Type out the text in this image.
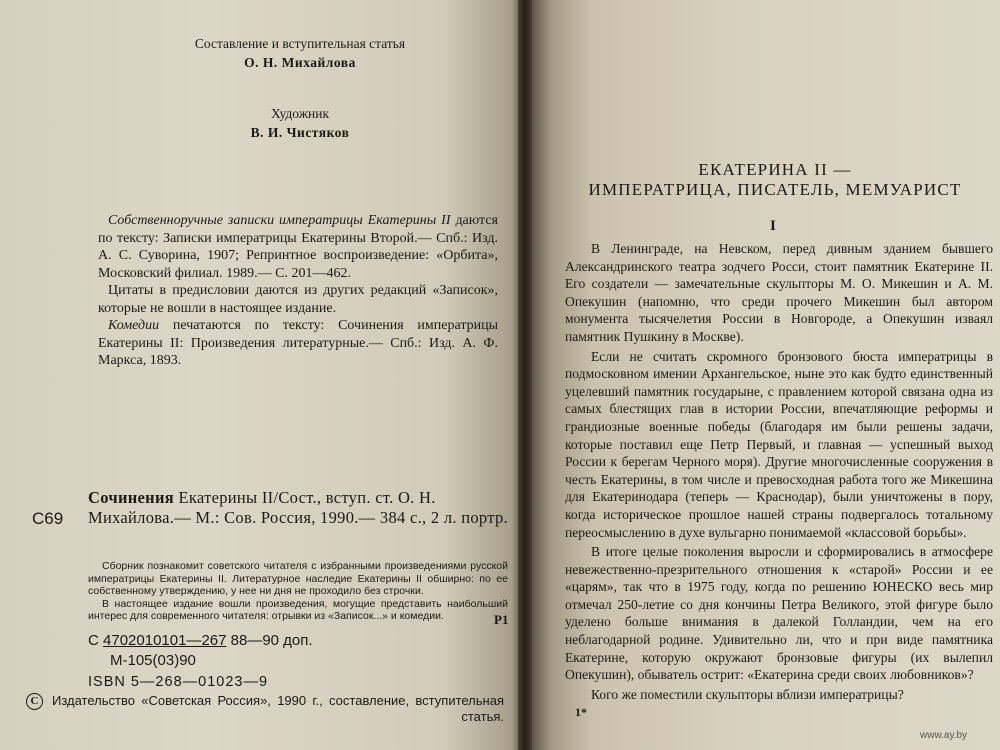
Составление и вступительная статья
О. Н. Михайлова
Художник
В. И. Чистяков

Собственноручные записки императрицы Екатерины II даются по тексту: Записки императрицы Екатерины Второй.— Спб.: Изд. А. С. Суворина, 1907; Репринтное воспроизведение: «Орбита», Московский филиал. 1989.— С. 201—462.

Цитаты в предисловии даются из других редакций «Записок», которые не вошли в настоящее издание.

Комедии печатаются по тексту: Сочинения императрицы Екатерины II: Произведения литературные.— Спб.: Изд. А. Ф. Маркса, 1893.

С69
Сочинения Екатерины II/Сост., вступ. ст. О. Н. Михайлова.— М.: Сов. Россия, 1990.— 384 с., 2 л. портр.

Сборник познакомит советского читателя с избранными произведениями русской императрицы Екатерины II. Литературное наследие Екатерины II обширно: по ее собственному утверждению, у нее ни дня не проходило без строчки.

В настоящее издание вошли произведения, могущие представить наибольший интерес для современного читателя: отрывки из «Записок...» и комедии.	Р1
С 4702010101—267 88—90 доп.
М-105(03)90
ISBN 5—268—01023—9
С	Издательство «Советская Россия», 1990 г., составление, вступительная статья.
ЕКАТЕРИНА II —
ИМПЕРАТРИЦА, ПИСАТЕЛЬ, МЕМУАРИСТ
I

В Ленинграде, на Невском, перед дивным зданием бывшего Александринского театра зодчего Росси, стоит памятник Екатерине II. Его создатели — замечательные скульпторы М. О. Микешин и А. М. Опекушин (напомню, что среди прочего Микешин был автором монумента тысячелетия России в Новгороде, а Опекушин изваял памятник Пушкину в Москве).

Если не считать скромного бронзового бюста императрицы в подмосковном имении Архангельское, ныне это как будто единственный уцелевший памятник государыне, с правлением которой связана одна из самых блестящих глав в истории России, впечатляющие реформы и грандиозные военные победы (благодаря им были решены задачи, которые поставил еще Петр Первый, и главная — успешный выход России к берегам Черного моря). Другие многочисленные сооружения в честь Екатерины, в том числе и превосходная работа того же Микешина для Екатеринодара (теперь — Краснодар), были уничтожены в пору, когда историческое прошлое нашей страны подвергалось тотальному переосмыслению в духе вульгарно понимаемой «классовой борьбы».

В итоге целые поколения выросли и сформировались в атмосфере невежественно-презрительного отношения к «старой» России и ее «царям», так что в 1975 году, когда по решению ЮНЕСКО весь мир отмечал 250-летие со дня кончины Петра Великого, этой фигуре было уделено больше внимания в далекой Голландии, чем на его неблагодарной родине. Удивительно ли, что и при виде памятника Екатерине, которую окружают бронзовые фигуры (их вылепил Опекушин), обыватель острит: «Екатерина среди своих любовников»?

Кого же поместили скульпторы вблизи императрицы?

1*
www.ay.by
